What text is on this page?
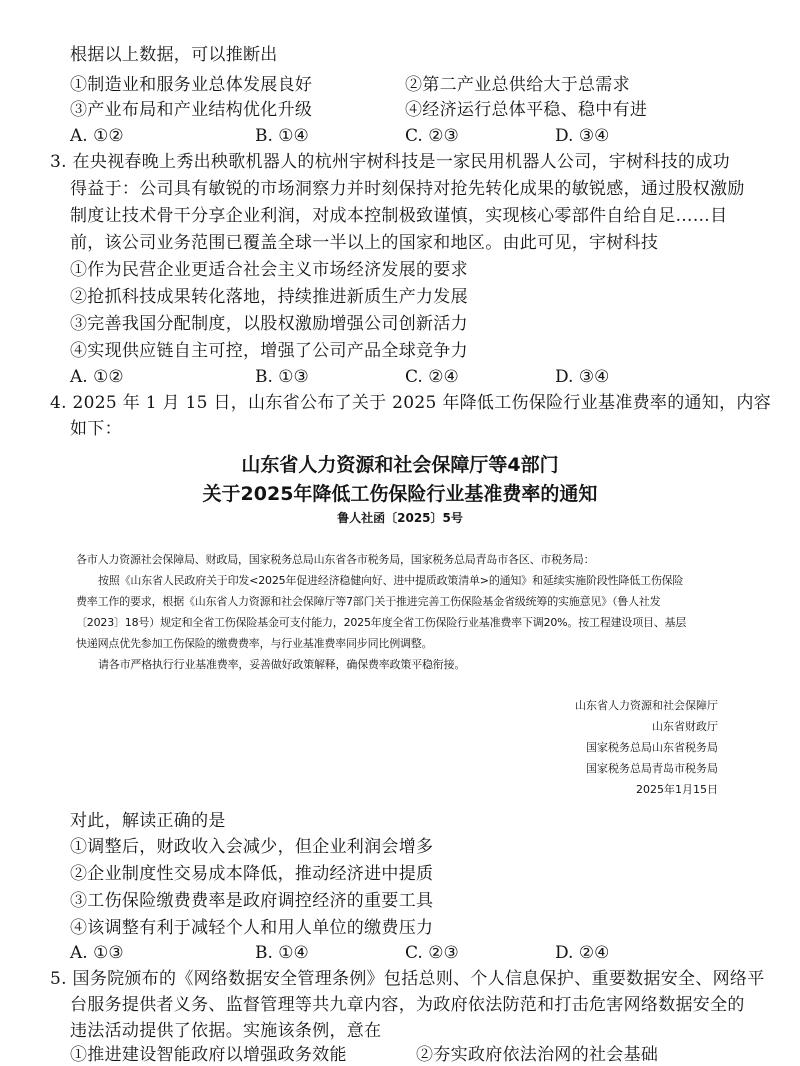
根据以上数据，可以推断出
①制造业和服务业总体发展良好	②第二产业总供给大于总需求
③产业布局和产业结构优化升级	④经济运行总体平稳、稳中有进
A. ①②	B. ①④	C. ②③	D. ③④
3. 在央视春晚上秀出秧歌机器人的杭州宇树科技是一家民用机器人公司，宇树科技的成功
得益于：公司具有敏锐的市场洞察力并时刻保持对抢先转化成果的敏锐感，通过股权激励
制度让技术骨干分享企业利润，对成本控制极致谨慎，实现核心零部件自给自足……目
前，该公司业务范围已覆盖全球一半以上的国家和地区。由此可见，宇树科技
①作为民营企业更适合社会主义市场经济发展的要求
②抢抓科技成果转化落地，持续推进新质生产力发展
③完善我国分配制度，以股权激励增强公司创新活力
④实现供应链自主可控，增强了公司产品全球竞争力
A. ①②	B. ①③	C. ②④	D. ③④
4. 2025 年 1 月 15 日，山东省公布了关于 2025 年降低工伤保险行业基准费率的通知，内容
如下：
山东省人力资源和社会保障厅等4部门
关于2025年降低工伤保险行业基准费率的通知
鲁人社函〔2025〕5号
各市人力资源社会保障局、财政局，国家税务总局山东省各市税务局，国家税务总局青岛市各区、市税务局：
按照《山东省人民政府关于印发<2025年促进经济稳健向好、进中提质政策清单>的通知》和延续实施阶段性降低工伤保险
费率工作的要求，根据《山东省人力资源和社会保障厅等7部门关于推进完善工伤保险基金省级统筹的实施意见》（鲁人社发
〔2023〕18号）规定和全省工伤保险基金可支付能力，2025年度全省工伤保险行业基准费率下调20%。按工程建设项目、基层
快递网点优先参加工伤保险的缴费费率，与行业基准费率同步同比例调整。
请各市严格执行行业基准费率，妥善做好政策解释，确保费率政策平稳衔接。
山东省人力资源和社会保障厅
山东省财政厅
国家税务总局山东省税务局
国家税务总局青岛市税务局
2025年1月15日
对此，解读正确的是
①调整后，财政收入会减少，但企业利润会增多
②企业制度性交易成本降低，推动经济进中提质
③工伤保险缴费费率是政府调控经济的重要工具
④该调整有利于减轻个人和用人单位的缴费压力
A. ①③	B. ①④	C. ②③	D. ②④
5. 国务院颁布的《网络数据安全管理条例》包括总则、个人信息保护、重要数据安全、网络平
台服务提供者义务、监督管理等共九章内容，为政府依法防范和打击危害网络数据安全的
违法活动提供了依据。实施该条例，意在
①推进建设智能政府以增强政务效能　　　　②夯实政府依法治网的社会基础
